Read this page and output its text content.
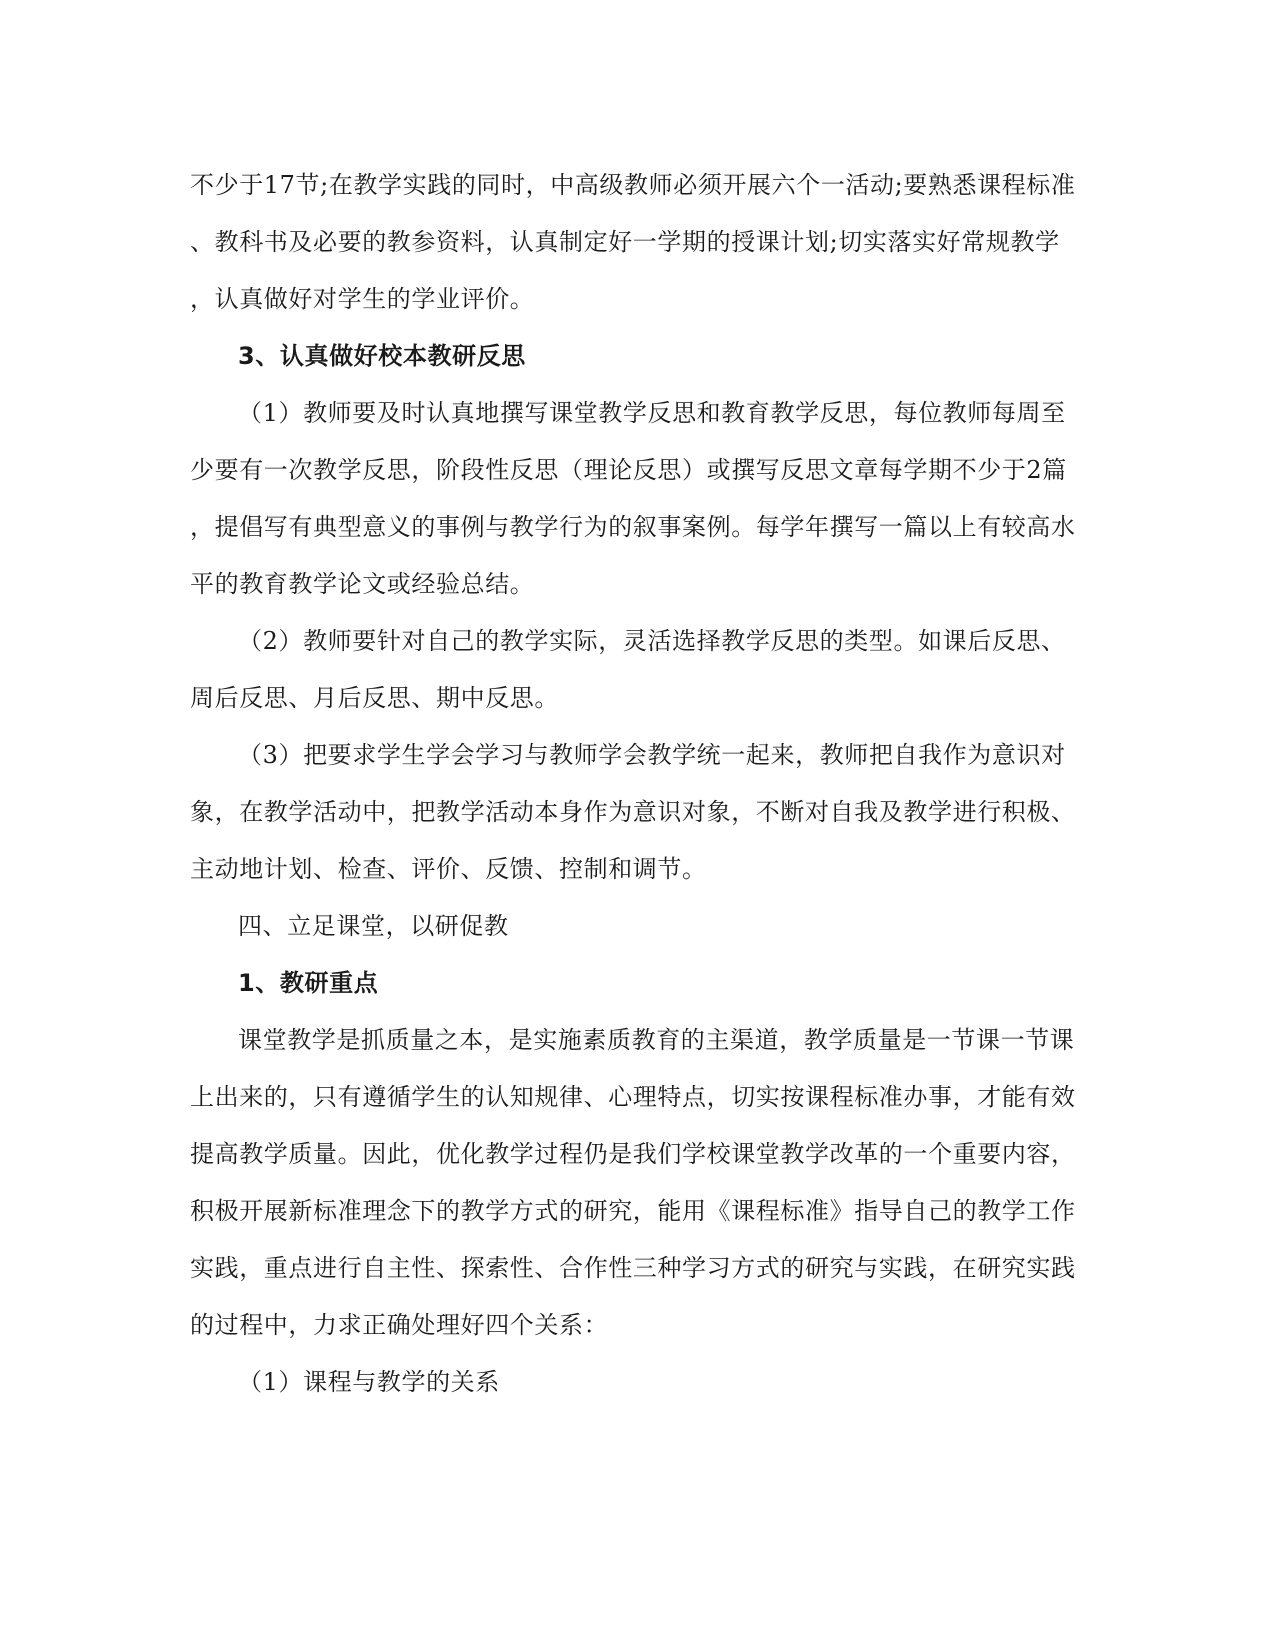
不少于17节;在教学实践的同时，中高级教师必须开展六个一活动;要熟悉课程标准
、教科书及必要的教参资料，认真制定好一学期的授课计划;切实落实好常规教学
，认真做好对学生的学业评价。
3、认真做好校本教研反思
（1）教师要及时认真地撰写课堂教学反思和教育教学反思，每位教师每周至
少要有一次教学反思，阶段性反思（理论反思）或撰写反思文章每学期不少于2篇
，提倡写有典型意义的事例与教学行为的叙事案例。每学年撰写一篇以上有较高水
平的教育教学论文或经验总结。
（2）教师要针对自己的教学实际，灵活选择教学反思的类型。如课后反思、
周后反思、月后反思、期中反思。
（3）把要求学生学会学习与教师学会教学统一起来，教师把自我作为意识对
象，在教学活动中，把教学活动本身作为意识对象，不断对自我及教学进行积极、
主动地计划、检查、评价、反馈、控制和调节。
四、立足课堂，以研促教
1、教研重点
课堂教学是抓质量之本，是实施素质教育的主渠道，教学质量是一节课一节课
上出来的，只有遵循学生的认知规律、心理特点，切实按课程标准办事，才能有效
提高教学质量。因此，优化教学过程仍是我们学校课堂教学改革的一个重要内容，
积极开展新标准理念下的教学方式的研究，能用《课程标准》指导自己的教学工作
实践，重点进行自主性、探索性、合作性三种学习方式的研究与实践，在研究实践
的过程中，力求正确处理好四个关系：
（1）课程与教学的关系
